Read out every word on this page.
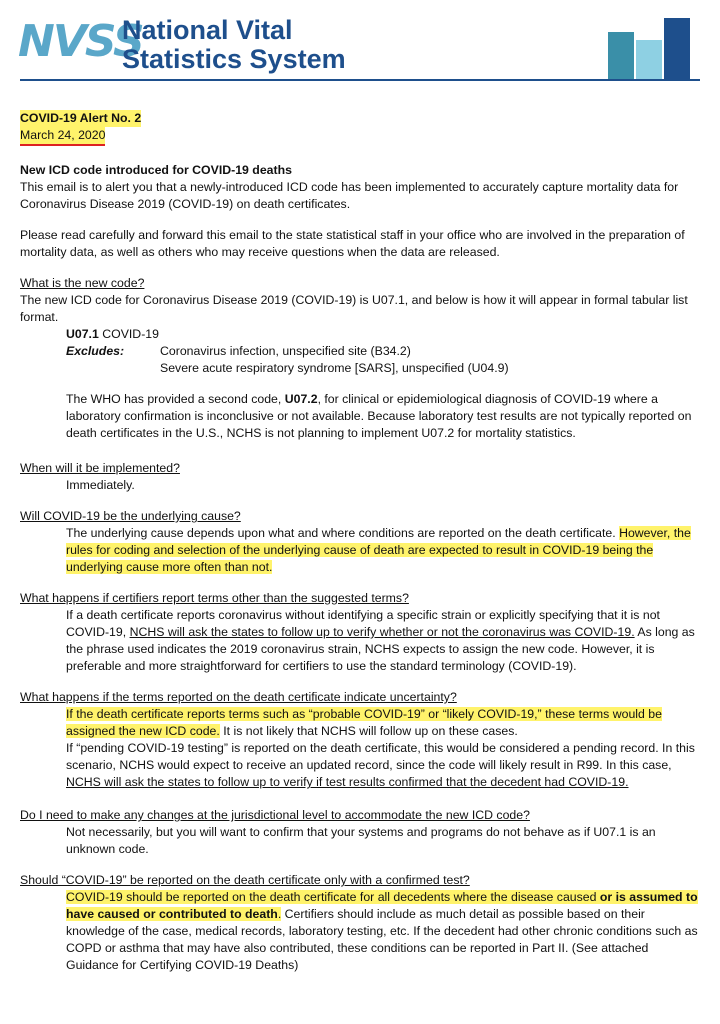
NVSS
National Vital
Statistics System
COVID-19 Alert No. 2
March 24, 2020

New ICD code introduced for COVID-19 deaths

This email is to alert you that a newly-introduced ICD code has been implemented to accurately capture mortality data for Coronavirus Disease 2019 (COVID-19) on death certificates.

Please read carefully and forward this email to the state statistical staff in your office who are involved in the preparation of mortality data, as well as others who may receive questions when the data are released.

What is the new code?

The new ICD code for Coronavirus Disease 2019 (COVID-19) is U07.1, and below is how it will appear in formal tabular list format.

U07.1 COVID-19
Excludes:	Coronavirus infection, unspecified site (B34.2)
Severe acute respiratory syndrome [SARS], unspecified (U04.9)

The WHO has provided a second code, U07.2, for clinical or epidemiological diagnosis of COVID-19 where a laboratory confirmation is inconclusive or not available. Because laboratory test results are not typically reported on death certificates in the U.S., NCHS is not planning to implement U07.2 for mortality statistics.

When will it be implemented?

Immediately.

Will COVID-19 be the underlying cause?

The underlying cause depends upon what and where conditions are reported on the death certificate. However, the rules for coding and selection of the underlying cause of death are expected to result in COVID-19 being the underlying cause more often than not.

What happens if certifiers report terms other than the suggested terms?

If a death certificate reports coronavirus without identifying a specific strain or explicitly specifying that it is not COVID-19, NCHS will ask the states to follow up to verify whether or not the coronavirus was COVID-19. As long as the phrase used indicates the 2019 coronavirus strain, NCHS expects to assign the new code. However, it is preferable and more straightforward for certifiers to use the standard terminology (COVID-19).

What happens if the terms reported on the death certificate indicate uncertainty?

If the death certificate reports terms such as “probable COVID-19” or “likely COVID-19,” these terms would be assigned the new ICD code. It is not likely that NCHS will follow up on these cases.

If “pending COVID-19 testing” is reported on the death certificate, this would be considered a pending record. In this scenario, NCHS would expect to receive an updated record, since the code will likely result in R99. In this case, NCHS will ask the states to follow up to verify if test results confirmed that the decedent had COVID-19.

Do I need to make any changes at the jurisdictional level to accommodate the new ICD code?

Not necessarily, but you will want to confirm that your systems and programs do not behave as if U07.1 is an unknown code.

Should “COVID-19” be reported on the death certificate only with a confirmed test?

COVID-19 should be reported on the death certificate for all decedents where the disease caused or is assumed to have caused or contributed to death. Certifiers should include as much detail as possible based on their knowledge of the case, medical records, laboratory testing, etc. If the decedent had other chronic conditions such as COPD or asthma that may have also contributed, these conditions can be reported in Part II. (See attached Guidance for Certifying COVID-19 Deaths)
